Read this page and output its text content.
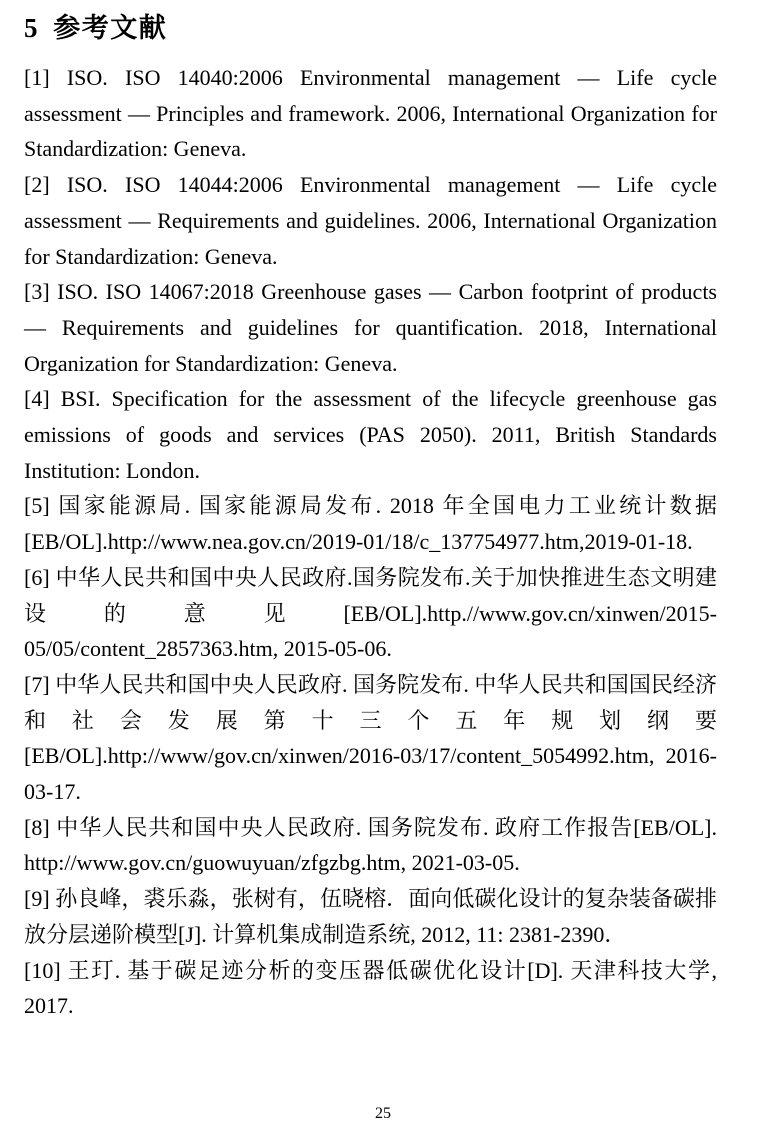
5 参考文献

[1] ISO. ISO 14040:2006 Environmental management — Life cycle assessment — Principles and framework. 2006, International Organization for Standardization: Geneva.

[2] ISO. ISO 14044:2006 Environmental management — Life cycle assessment — Requirements and guidelines. 2006, International Organization for Standardization: Geneva.

[3] ISO. ISO 14067:2018 Greenhouse gases — Carbon footprint of products — Requirements and guidelines for quantification. 2018, International Organization for Standardization: Geneva.

[4] BSI. Specification for the assessment of the lifecycle greenhouse gas emissions of goods and services (PAS 2050). 2011, British Standards Institution: London.

[5] 国家能源局. 国家能源局发布. 2018 年全国电力工业统计数据[EB/OL].http://www.nea.gov.cn/2019-01/18/c_137754977.htm,2019-01-18.

[6] 中华人民共和国中央人民政府.国务院发布.关于加快推进生态文明建设的意见[EB/OL].http.//www.gov.cn/xinwen/2015-05/05/content_2857363.htm, 2015-05-06.

[7] 中华人民共和国中央人民政府. 国务院发布. 中华人民共和国国民经济和社会发展第十三个五年规划纲要[EB/OL].http://www/gov.cn/xinwen/2016-03/17/content_5054992.htm, 2016-03-17.

[8] 中华人民共和国中央人民政府. 国务院发布. 政府工作报告[EB/OL]. http://www.gov.cn/guowuyuan/zfgzbg.htm, 2021-03-05.

[9] 孙良峰，裘乐淼，张树有，伍晓榕．面向低碳化设计的复杂装备碳排放分层递阶模型[J]. 计算机集成制造系统, 2012, 11: 2381-2390．

[10] 王玎. 基于碳足迹分析的变压器低碳优化设计[D]. 天津科技大学, 2017.

25
